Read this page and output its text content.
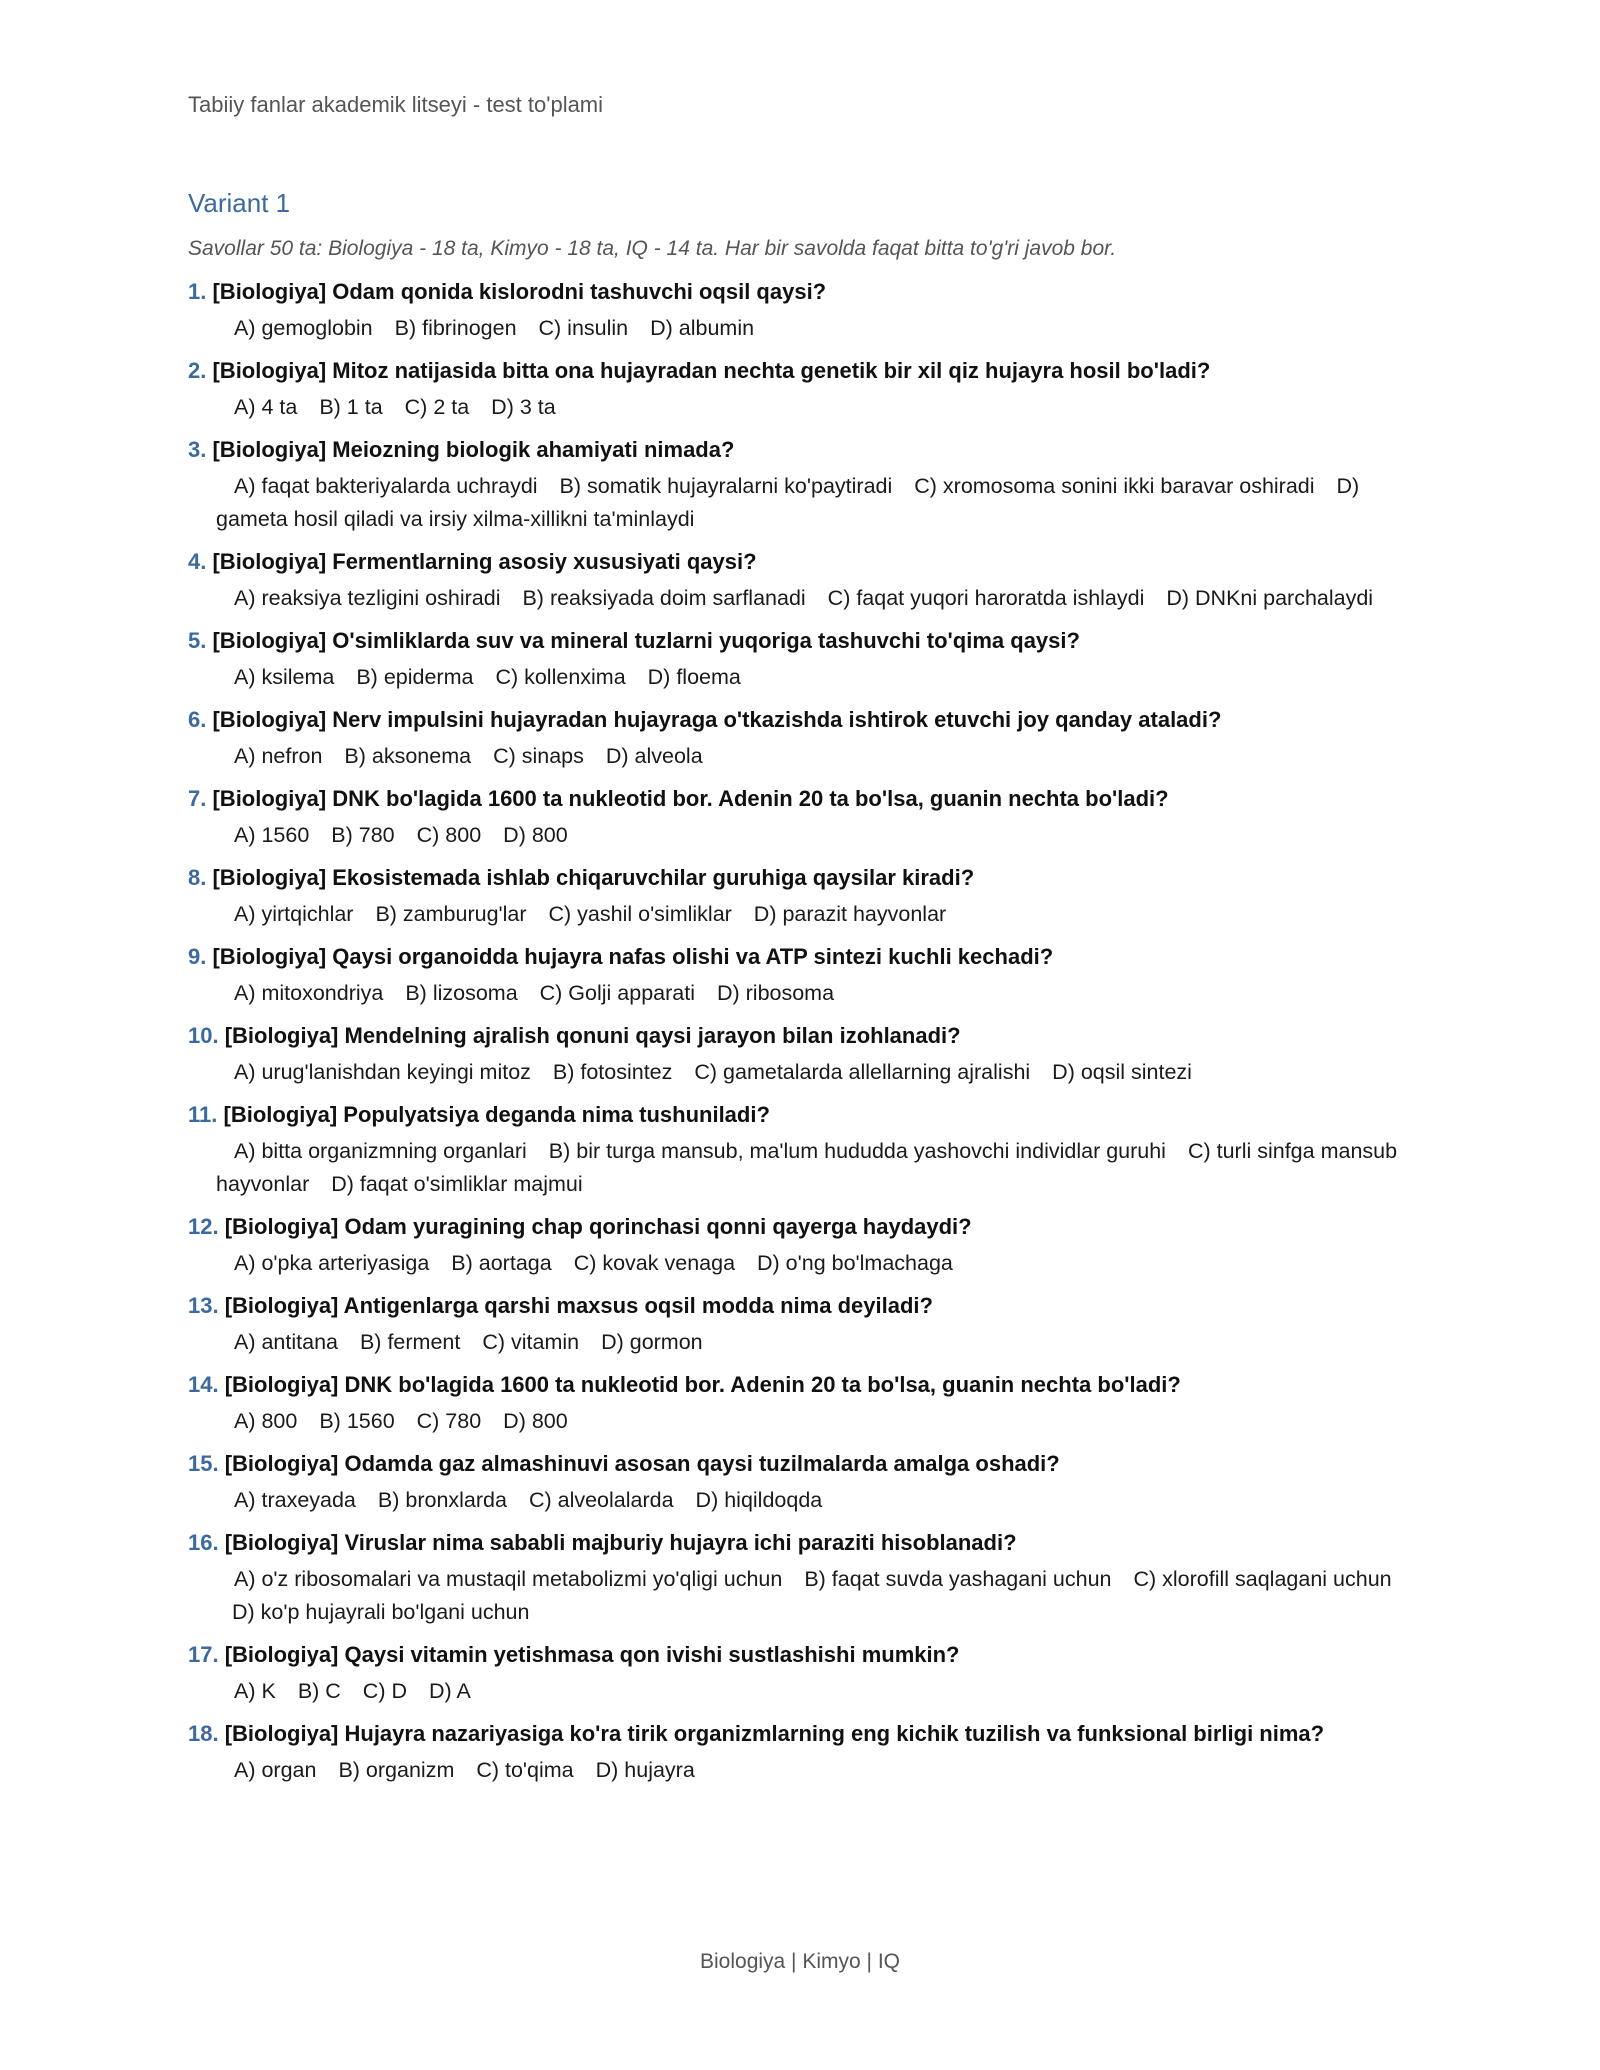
Tabiiy fanlar akademik litseyi - test to'plami
Variant 1

Savollar 50 ta: Biologiya - 18 ta, Kimyo - 18 ta, IQ - 14 ta. Har bir savolda faqat bitta to'g'ri javob bor.

1. [Biologiya] Odam qonida kislorodni tashuvchi oqsil qaysi?
A) gemoglobin B) fibrinogen C) insulin D) albumin
2. [Biologiya] Mitoz natijasida bitta ona hujayradan nechta genetik bir xil qiz hujayra hosil bo'ladi?
A) 4 ta B) 1 ta C) 2 ta D) 3 ta
3. [Biologiya] Meiozning biologik ahamiyati nimada?
A) faqat bakteriyalarda uchraydi B) somatik hujayralarni ko'paytiradi C) xromosoma sonini ikki baravar oshiradi D) gameta hosil qiladi va irsiy xilma-xillikni ta'minlaydi
4. [Biologiya] Fermentlarning asosiy xususiyati qaysi?
A) reaksiya tezligini oshiradi B) reaksiyada doim sarflanadi C) faqat yuqori haroratda ishlaydi D) DNKni parchalaydi
5. [Biologiya] O'simliklarda suv va mineral tuzlarni yuqoriga tashuvchi to'qima qaysi?
A) ksilema B) epiderma C) kollenxima D) floema
6. [Biologiya] Nerv impulsini hujayradan hujayraga o'tkazishda ishtirok etuvchi joy qanday ataladi?
A) nefron B) aksonema C) sinaps D) alveola
7. [Biologiya] DNK bo'lagida 1600 ta nukleotid bor. Adenin 20 ta bo'lsa, guanin nechta bo'ladi?
A) 1560 B) 780 C) 800 D) 800
8. [Biologiya] Ekosistemada ishlab chiqaruvchilar guruhiga qaysilar kiradi?
A) yirtqichlar B) zamburug'lar C) yashil o'simliklar D) parazit hayvonlar
9. [Biologiya] Qaysi organoidda hujayra nafas olishi va ATP sintezi kuchli kechadi?
A) mitoxondriya B) lizosoma C) Golji apparati D) ribosoma
10. [Biologiya] Mendelning ajralish qonuni qaysi jarayon bilan izohlanadi?
A) urug'lanishdan keyingi mitoz B) fotosintez C) gametalarda allellarning ajralishi D) oqsil sintezi
11. [Biologiya] Populyatsiya deganda nima tushuniladi?
A) bitta organizmning organlari B) bir turga mansub, ma'lum hududda yashovchi individlar guruhi C) turli sinfga mansub hayvonlar D) faqat o'simliklar majmui
12. [Biologiya] Odam yuragining chap qorinchasi qonni qayerga haydaydi?
A) o'pka arteriyasiga B) aortaga C) kovak venaga D) o'ng bo'lmachaga
13. [Biologiya] Antigenlarga qarshi maxsus oqsil modda nima deyiladi?
A) antitana B) ferment C) vitamin D) gormon
14. [Biologiya] DNK bo'lagida 1600 ta nukleotid bor. Adenin 20 ta bo'lsa, guanin nechta bo'ladi?
A) 800 B) 1560 C) 780 D) 800
15. [Biologiya] Odamda gaz almashinuvi asosan qaysi tuzilmalarda amalga oshadi?
A) traxeyada B) bronxlarda C) alveolalarda D) hiqildoqda
16. [Biologiya] Viruslar nima sababli majburiy hujayra ichi paraziti hisoblanadi?
A) o'z ribosomalari va mustaqil metabolizmi yo'qligi uchun B) faqat suvda yashagani uchun C) xlorofill saqlagani uchun D) ko'p hujayrali bo'lgani uchun
17. [Biologiya] Qaysi vitamin yetishmasa qon ivishi sustlashishi mumkin?
A) K B) C C) D D) A
18. [Biologiya] Hujayra nazariyasiga ko'ra tirik organizmlarning eng kichik tuzilish va funksional birligi nima?
A) organ B) organizm C) to'qima D) hujayra
Biologiya | Kimyo | IQ
